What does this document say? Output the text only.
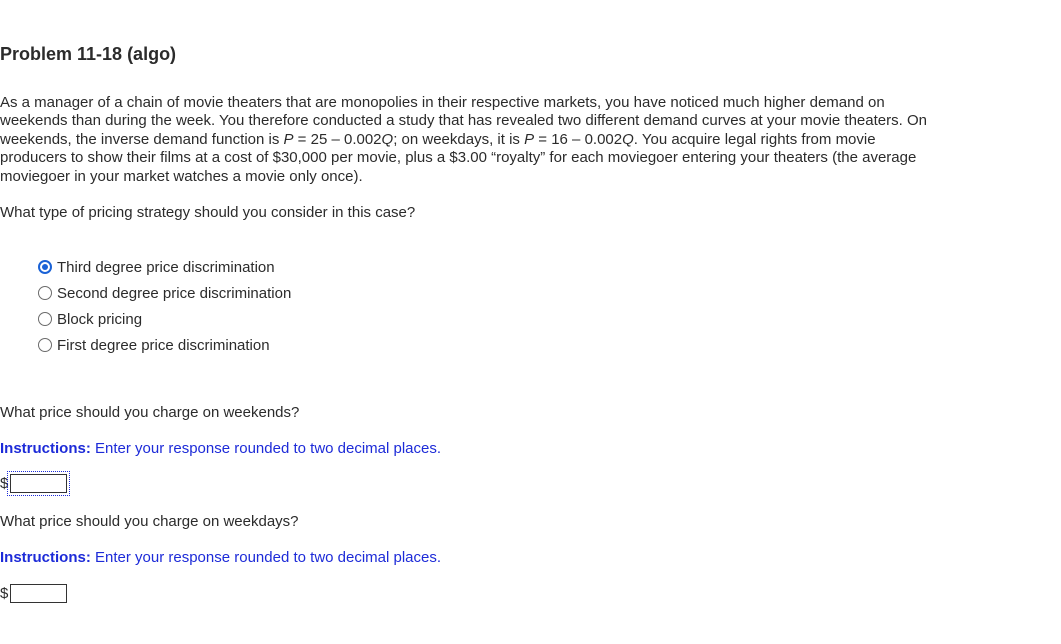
Problem 11-18 (algo)

As a manager of a chain of movie theaters that are monopolies in their respective markets, you have noticed much higher demand on weekends than during the week. You therefore conducted a study that has revealed two different demand curves at your movie theaters. On weekends, the inverse demand function is P = 25 – 0.002Q; on weekdays, it is P = 16 – 0.002Q. You acquire legal rights from movie producers to show their films at a cost of $30,000 per movie, plus a $3.00 “royalty” for each moviegoer entering your theaters (the average moviegoer in your market watches a movie only once).

What type of pricing strategy should you consider in this case?

Third degree price discrimination
Second degree price discrimination
Block pricing
First degree price discrimination

What price should you charge on weekends?

Instructions: Enter your response rounded to two decimal places.

$

What price should you charge on weekdays?

Instructions: Enter your response rounded to two decimal places.

$
